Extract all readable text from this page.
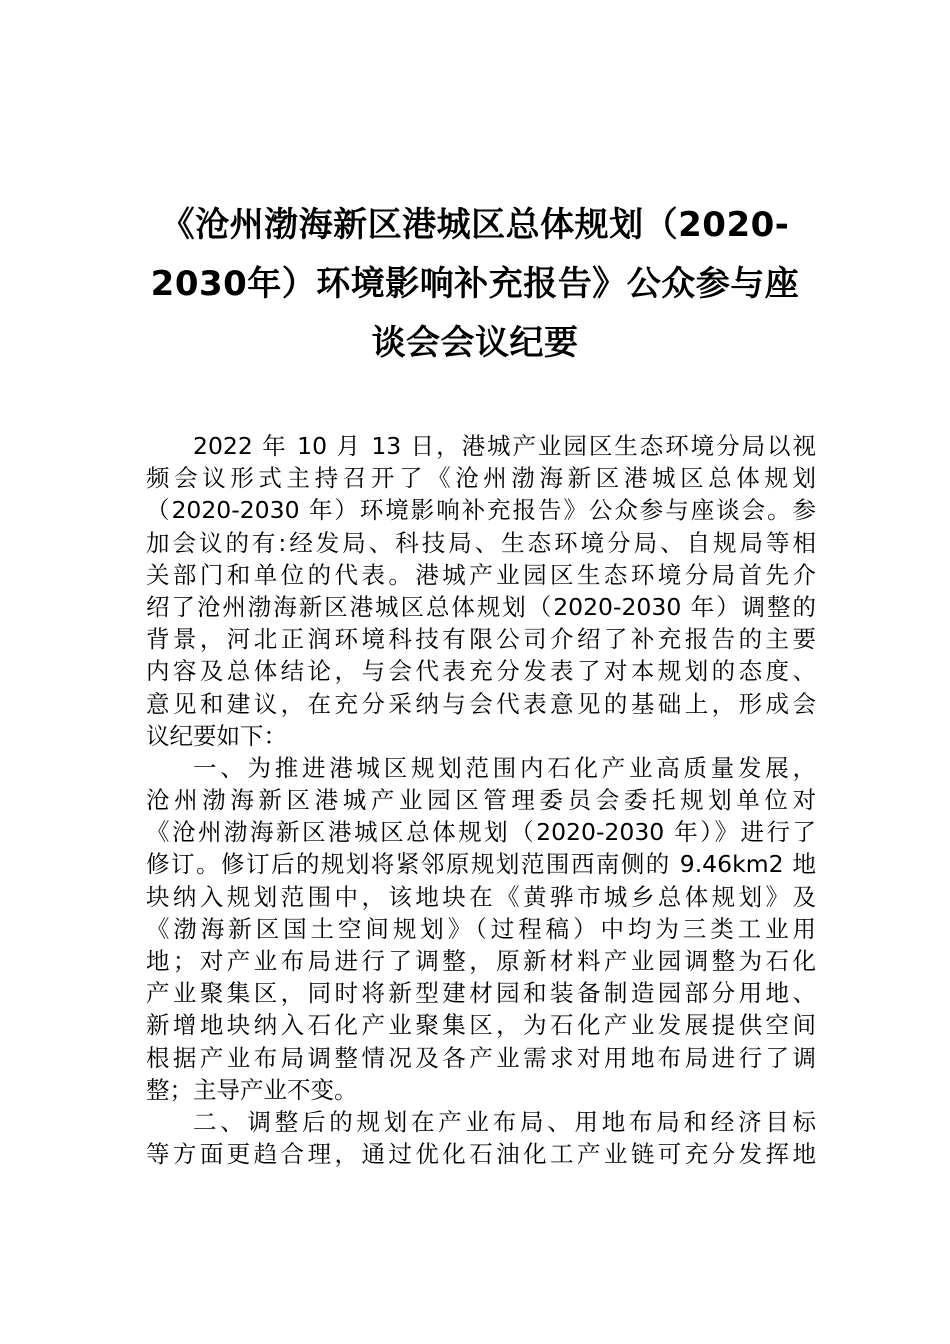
《沧州渤海新区港城区总体规划（2020-
2030年）环境影响补充报告》公众参与座
谈会会议纪要

2022 年 10 月 13 日，港城产业园区生态环境分局以视
频会议形式主持召开了《沧州渤海新区港城区总体规划
（2020-2030 年）环境影响补充报告》公众参与座谈会。参
加会议的有:经发局、科技局、生态环境分局、自规局等相
关部门和单位的代表。港城产业园区生态环境分局首先介
绍了沧州渤海新区港城区总体规划（2020-2030 年）调整的
背景，河北正润环境科技有限公司介绍了补充报告的主要
内容及总体结论，与会代表充分发表了对本规划的态度、
意见和建议，在充分采纳与会代表意见的基础上，形成会
议纪要如下：

一、为推进港城区规划范围内石化产业高质量发展，
沧州渤海新区港城产业园区管理委员会委托规划单位对
《沧州渤海新区港城区总体规划（2020-2030 年）》进行了
修订。修订后的规划将紧邻原规划范围西南侧的 9.46km2 地
块纳入规划范围中，该地块在《黄骅市城乡总体规划》及
《渤海新区国土空间规划》（过程稿）中均为三类工业用
地；对产业布局进行了调整，原新材料产业园调整为石化
产业聚集区，同时将新型建材园和装备制造园部分用地、
新增地块纳入石化产业聚集区，为石化产业发展提供空间
根据产业布局调整情况及各产业需求对用地布局进行了调
整；主导产业不变。

二、调整后的规划在产业布局、用地布局和经济目标
等方面更趋合理，通过优化石油化工产业链可充分发挥地
